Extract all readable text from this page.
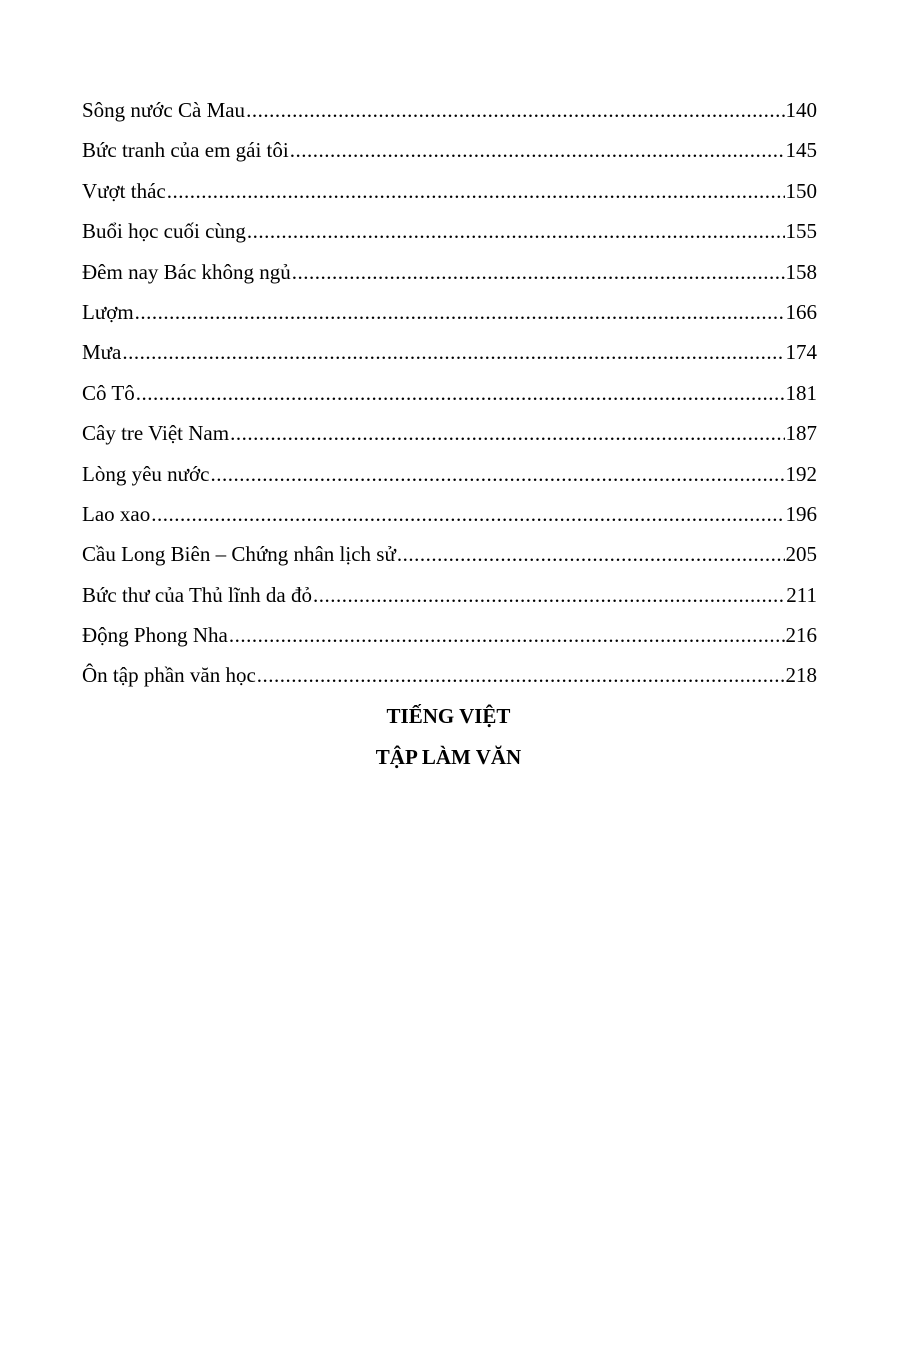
Sông nước Cà Mau .....	140
Bức tranh của em gái tôi .....	145
Vượt thác .....	150
Buổi học cuối cùng .....	155
Đêm nay Bác không ngủ .....	158
Lượm .....	166
Mưa .....	174
Cô Tô .....	181
Cây tre Việt Nam .....	187
Lòng yêu nước .....	192
Lao xao .....	196
Cầu Long Biên – Chứng nhân lịch sử .....	205
Bức thư của Thủ lĩnh da đỏ .....	211
Động Phong Nha .....	216
Ôn tập phần văn học .....	218
TIẾNG VIỆT
TẬP LÀM VĂN
